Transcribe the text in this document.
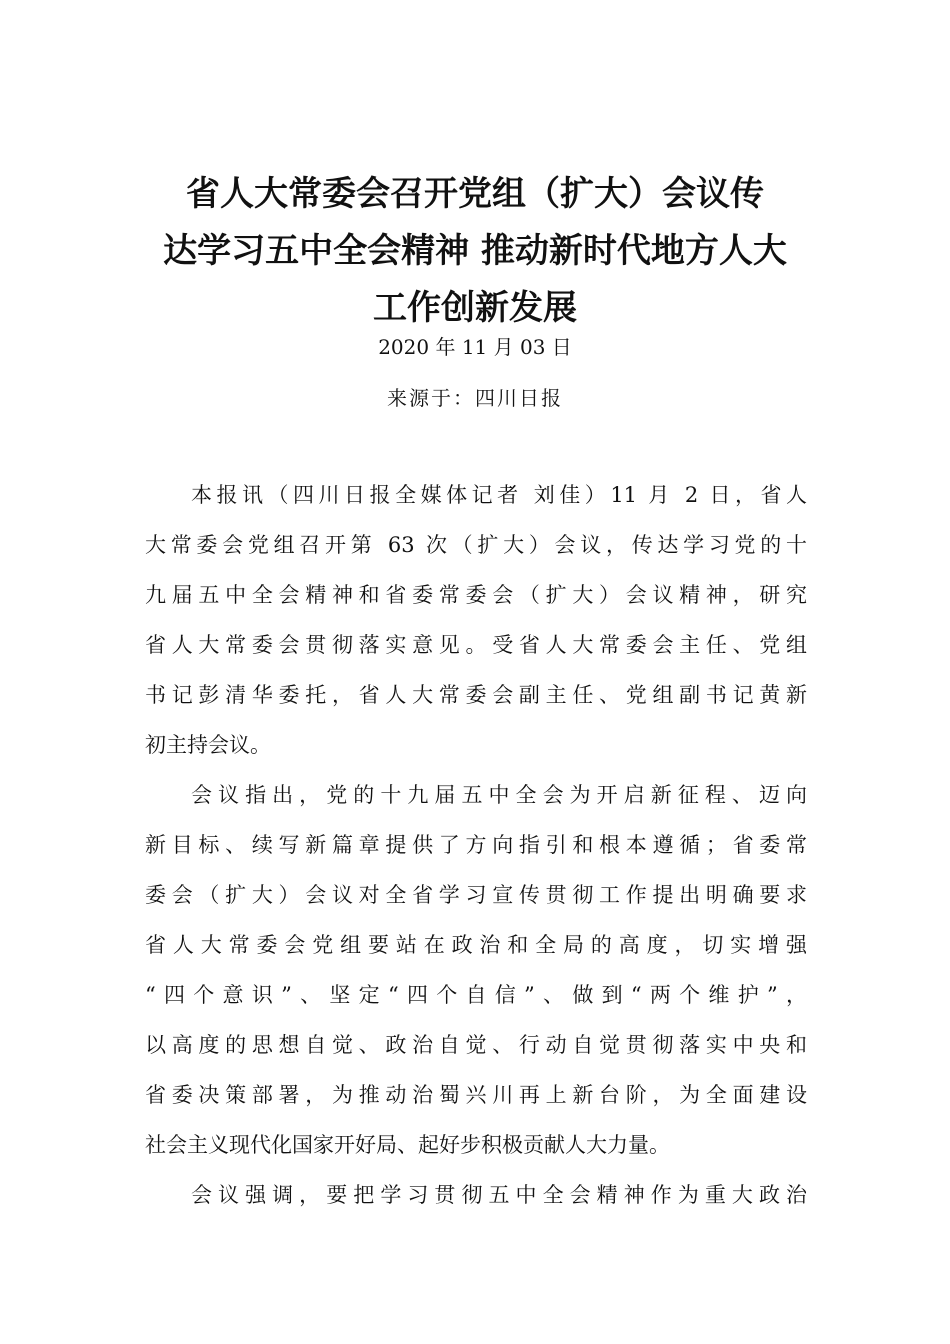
省人大常委会召开党组（扩大）会议传
达学习五中全会精神 推动新时代地方人大
工作创新发展
2020 年 11 月 03 日
来源于：四川日报
本报讯（四川日报全媒体记者 刘佳）11 月 2 日，省人
大常委会党组召开第 63 次（扩大）会议，传达学习党的十
九届五中全会精神和省委常委会（扩大）会议精神，研究
省人大常委会贯彻落实意见。受省人大常委会主任、党组
书记彭清华委托，省人大常委会副主任、党组副书记黄新
初主持会议。
会议指出，党的十九届五中全会为开启新征程、迈向
新目标、续写新篇章提供了方向指引和根本遵循；省委常
委会（扩大）会议对全省学习宣传贯彻工作提出明确要求
省人大常委会党组要站在政治和全局的高度，切实增强
“四个意识”、坚定“四个自信”、做到“两个维护”，
以高度的思想自觉、政治自觉、行动自觉贯彻落实中央和
省委决策部署，为推动治蜀兴川再上新台阶，为全面建设
社会主义现代化国家开好局、起好步积极贡献人大力量。
会议强调，要把学习贯彻五中全会精神作为重大政治
